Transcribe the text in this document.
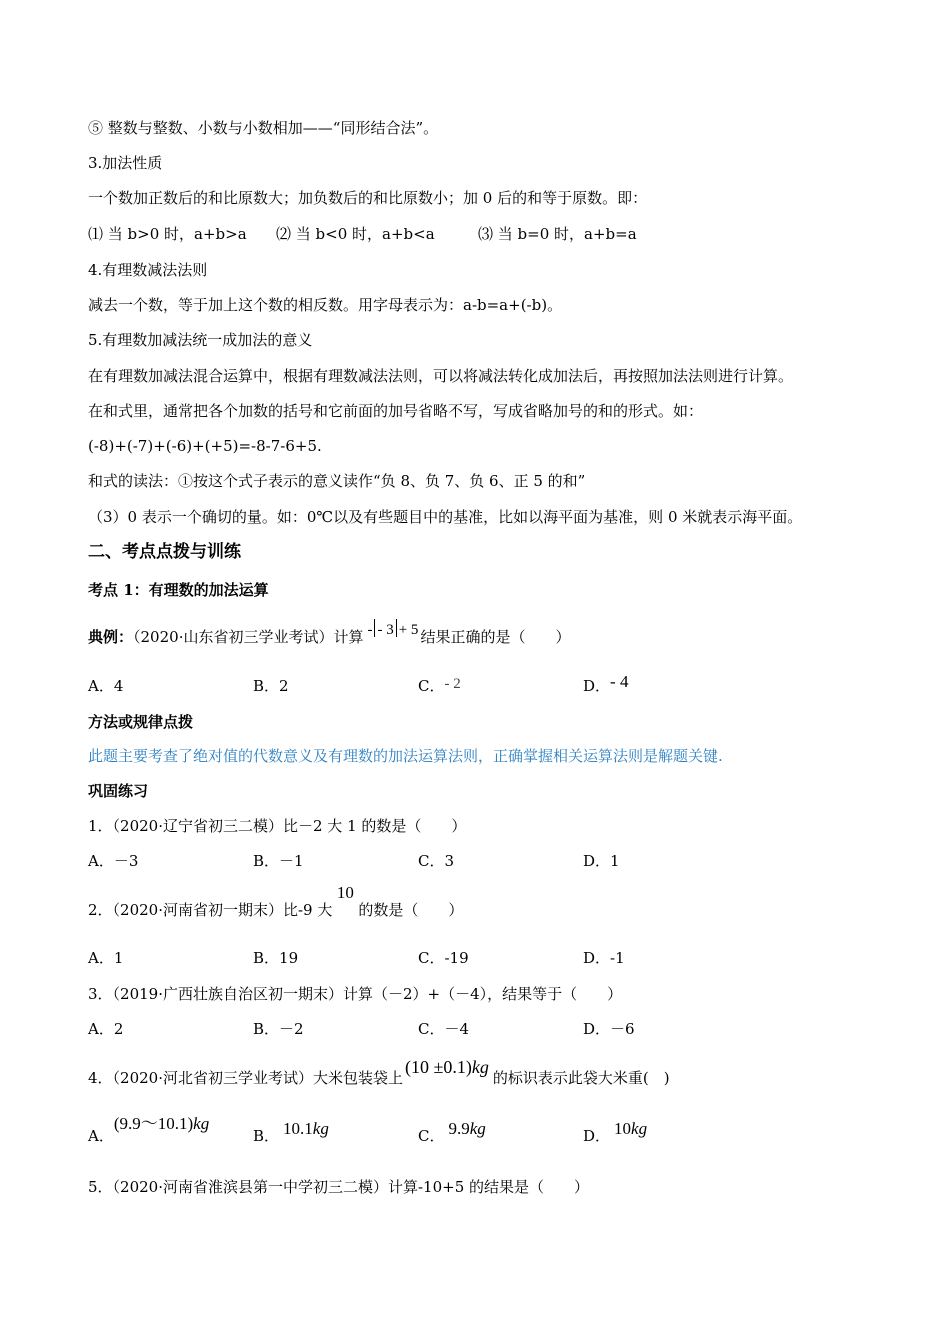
⑤ 整数与整数、小数与小数相加——“同形结合法”。
3.加法性质
一个数加正数后的和比原数大；加负数后的和比原数小；加 0 后的和等于原数。即：
⑴ 当 b>0 时，a+b>a ⑵ 当 b<0 时，a+b<a	⑶ 当 b=0 时，a+b=a
4.有理数减法法则
减去一个数，等于加上这个数的相反数。用字母表示为：a-b=a+(-b)。
5.有理数加减法统一成加法的意义
在有理数加减法混合运算中，根据有理数减法法则，可以将减法转化成加法后，再按照加法法则进行计算。
在和式里，通常把各个加数的括号和它前面的加号省略不写，写成省略加号的和的形式。如：
(-8)+(-7)+(-6)+(+5)=-8-7-6+5.
和式的读法：①按这个式子表示的意义读作“负 8、负 7、负 6、正 5 的和”
（3）0 表示一个确切的量。如：0℃以及有些题目中的基准，比如以海平面为基准，则 0 米就表示海平面。
二、考点点拨与训练
考点 1：有理数的加法运算
典例：（2020·山东省初三学业考试）计算 - - 3 + 5 结果正确的是（　　）
A．4	B．2	C．- 2	D．- 4
方法或规律点拨
此题主要考查了绝对值的代数意义及有理数的加法运算法则，正确掌握相关运算法则是解题关键.
巩固练习
1．（2020·辽宁省初三二模）比－2 大 1 的数是（　　）
A．－3	B．－1	C．3	D．1
2．（2020·河南省初一期末）比-9 大10的数是（　　）
A．1	B．19	C．-19	D．-1
3．（2019·广西壮族自治区初一期末）计算（－2）+（－4），结果等于（　　）
A．2	B．－2	C．－4	D．－6
4．（2020·河北省初三学业考试）大米包装袋上(10 ±0.1)kg的标识表示此袋大米重(　)
A．(9.9～10.1)kg
B． 10.1kg	C． 9.9kg	D． 10kg
5．（2020·河南省淮滨县第一中学初三二模）计算-10+5 的结果是（　　）
